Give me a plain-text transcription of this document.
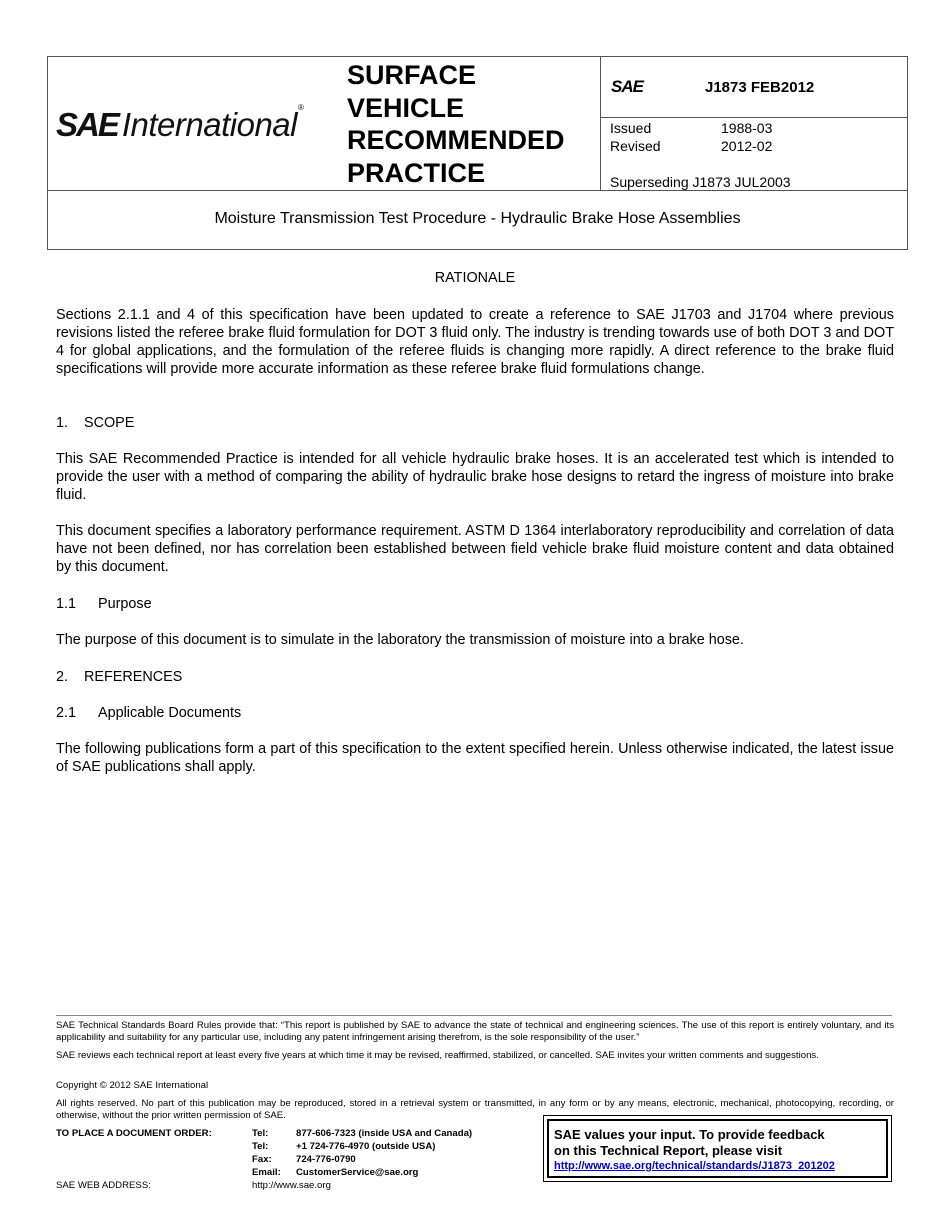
SAE International ®
SURFACE
VEHICLE
RECOMMENDED
PRACTICE
SAE	J1873 FEB2012
Issued	1988-03
Revised	2012-02
Superseding J1873 JUL2003
Moisture Transmission Test Procedure - Hydraulic Brake Hose Assemblies
RATIONALE
Sections 2.1.1 and 4 of this specification have been updated to create a reference to SAE J1703 and J1704 where previous revisions listed the referee brake fluid formulation for DOT 3 fluid only. The industry is trending towards use of both DOT 3 and DOT 4 for global applications, and the formulation of the referee fluids is changing more rapidly. A direct reference to the brake fluid specifications will provide more accurate information as these referee brake fluid formulations change.
1. SCOPE
This SAE Recommended Practice is intended for all vehicle hydraulic brake hoses. It is an accelerated test which is intended to provide the user with a method of comparing the ability of hydraulic brake hose designs to retard the ingress of moisture into brake fluid.
This document specifies a laboratory performance requirement. ASTM D 1364 interlaboratory reproducibility and correlation of data have not been defined, nor has correlation been established between field vehicle brake fluid moisture content and data obtained by this document.
1.1 Purpose
The purpose of this document is to simulate in the laboratory the transmission of moisture into a brake hose.
2. REFERENCES
2.1 Applicable Documents
The following publications form a part of this specification to the extent specified herein. Unless otherwise indicated, the latest issue of SAE publications shall apply.
SAE Technical Standards Board Rules provide that: “This report is published by SAE to advance the state of technical and engineering sciences. The use of this report is entirely voluntary, and its applicability and suitability for any particular use, including any patent infringement arising therefrom, is the sole responsibility of the user.”
SAE reviews each technical report at least every five years at which time it may be revised, reaffirmed, stabilized, or cancelled. SAE invites your written comments and suggestions.
Copyright © 2012 SAE International
All rights reserved. No part of this publication may be reproduced, stored in a retrieval system or transmitted, in any form or by any means, electronic, mechanical, photocopying, recording, or otherwise, without the prior written permission of SAE.
TO PLACE A DOCUMENT ORDER:	Tel:	877-606-7323 (inside USA and Canada)
Tel:	+1 724-776-4970 (outside USA)
Fax:	724-776-0790
Email: CustomerService@sae.org
SAE WEB ADDRESS:	http://www.sae.org
SAE values your input. To provide feedback
on this Technical Report, please visit
http://www.sae.org/technical/standards/J1873_201202
